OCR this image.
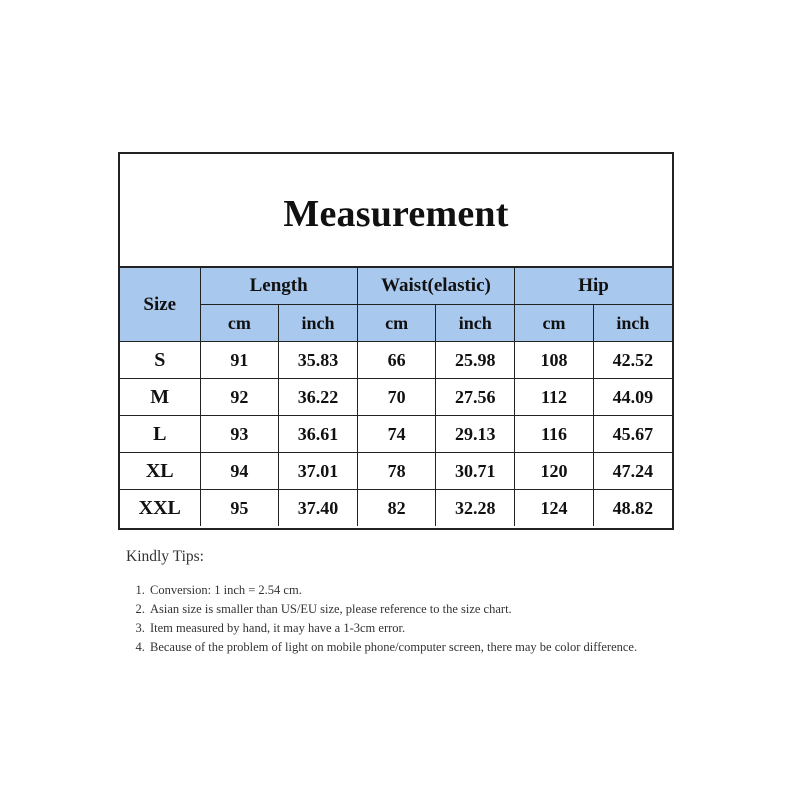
Measurement
Size	Length		Waist(elastic)		Hip	
	cm	inch	cm	inch	cm	inch
S	91	35.83	66	25.98	108	42.52
M	92	36.22	70	27.56	112	44.09
L	93	36.61	74	29.13	116	45.67
XL	94	37.01	78	30.71	120	47.24
XXL	95	37.40	82	32.28	124	48.82
Kindly Tips:
1. Conversion: 1 inch = 2.54 cm.
2. Asian size is smaller than US/EU size, please reference to the size chart.
3. Item measured by hand, it may have a 1-3cm error.
4. Because of the problem of light on mobile phone/computer screen, there may be color difference.
